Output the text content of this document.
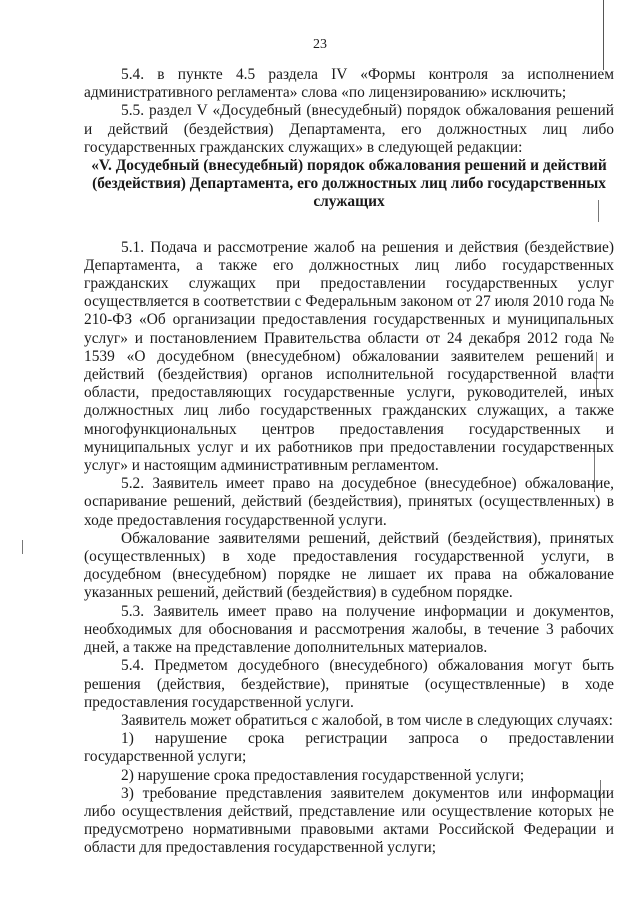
23

5.4. в пункте 4.5 раздела IV «Формы контроля за исполнением административного регламента» слова «по лицензированию» исключить;

5.5. раздел V «Досудебный (внесудебный) порядок обжалования решений и действий (бездействия) Департамента, его должностных лиц либо государственных гражданских служащих» в следующей редакции:

«V. Досудебный (внесудебный) порядок обжалования решений и действий (бездействия) Департамента, его должностных лиц либо государственных служащих

5.1. Подача и рассмотрение жалоб на решения и действия (бездействие) Департамента, а также его должностных лиц либо государственных гражданских служащих при предоставлении государственных услуг осуществляется в соответствии с Федеральным законом от 27 июля 2010 года № 210-ФЗ «Об организации предоставления государственных и муниципальных услуг» и постановлением Правительства области от 24 декабря 2012 года № 1539 «О досудебном (внесудебном) обжаловании заявителем решений и действий (бездействия) органов исполнительной государственной власти области, предоставляющих государственные услуги, руководителей, иных должностных лиц либо государственных гражданских служащих, а также многофункциональных центров предоставления государственных и муниципальных услуг и их работников при предоставлении государственных услуг» и настоящим административным регламентом.

5.2. Заявитель имеет право на досудебное (внесудебное) обжалование, оспаривание решений, действий (бездействия), принятых (осуществленных) в ходе предоставления государственной услуги.

Обжалование заявителями решений, действий (бездействия), принятых (осуществленных) в ходе предоставления государственной услуги, в досудебном (внесудебном) порядке не лишает их права на обжалование указанных решений, действий (бездействия) в судебном порядке.

5.3. Заявитель имеет право на получение информации и документов, необходимых для обоснования и рассмотрения жалобы, в течение 3 рабочих дней, а также на представление дополнительных материалов.

5.4. Предметом досудебного (внесудебного) обжалования могут быть решения (действия, бездействие), принятые (осуществленные) в ходе предоставления государственной услуги.

Заявитель может обратиться с жалобой, в том числе в следующих случаях:

1) нарушение срока регистрации запроса о предоставлении государственной услуги;

2) нарушение срока предоставления государственной услуги;

3) требование представления заявителем документов или информации либо осуществления действий, представление или осуществление которых не предусмотрено нормативными правовыми актами Российской Федерации и области для предоставления государственной услуги;
